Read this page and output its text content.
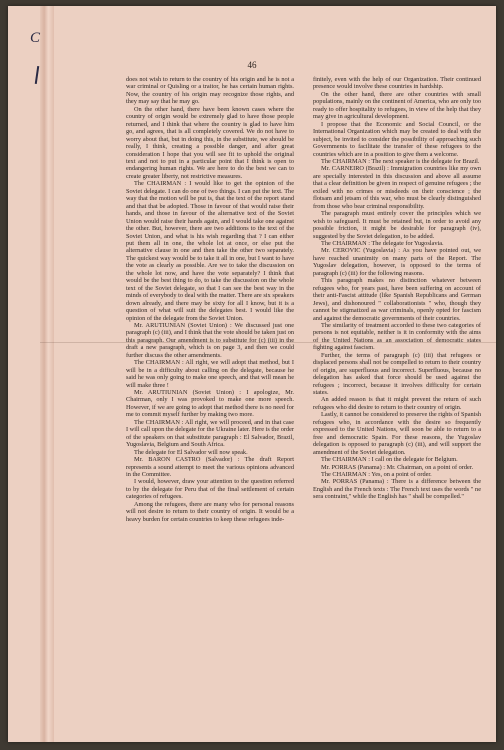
C
46

does not wish to return to the country of his origin and he is not a war criminal or Quisling or a traitor, he has certain human rights. Now, the country of his origin may recognize those rights, and they may say that he may go.

On the other hand, there have been known cases where the country of origin would be extremely glad to have those people returned, and I think that where the country is glad to have him go, and agrees, that is all completely covered. We do not have to worry about that, but in doing this, in the substitute, we should be really, I think, creating a possible danger, and after great consideration I hope that you will see fit to uphold the original text and not to put in a particular point that I think is open to endangering human rights. We are here to do the best we can to create greater liberty, not restrictive measures.

The CHAIRMAN : I would like to get the opinion of the Soviet delegate. I can do one of two things. I can put the text. The way that the motion will be put is, that the text of the report stand and that that be adopted. Those in favour of that would raise their hands, and those in favour of the alternative text of the Soviet Union would raise their hands again, and I would take one against the other. But, however, there are two additions to the text of the Soviet Union, and what is his wish regarding that ? I can either put them all in one, the whole lot at once, or else put the alternative clause in one and then take the other two separately. The quickest way would be to take it all in one, but I want to have the vote as clearly as possible. Are we to take the discussion on the whole lot now, and have the vote separately? I think that would be the best thing to do, to take the discussion on the whole text of the Soviet delegate, so that I can see the best way in the minds of everybody to deal with the matter. There are six speakers down already, and there may be sixty for all I know, but it is a question of what will suit the delegates best. I would like the opinion of the delegate from the Soviet Union.

Mr. ARUTIUNIAN (Soviet Union) : We discussed just one paragraph (c) (iii), and I think that the vote should be taken just on this paragraph. Our amendment is to substitute for (c) (iii) in the draft a new paragraph, which is on page 3, and then we could further discuss the other amendments.

The CHAIRMAN : All right, we will adopt that method, but I will be in a difficulty about calling on the delegate, because he said he was only going to make one speech, and that will mean he will make three !

Mr. ARUTIUNIAN (Soviet Union) : I apologize, Mr. Chairman, only I was provoked to make one more speech. However, if we are going to adopt that method there is no need for me to commit myself further by making two more.

The CHAIRMAN : All right, we will proceed, and in that case I will call upon the delegate for the Ukraine later. Here is the order of the speakers on that substitute paragraph : El Salvador, Brazil, Yugoslavia, Belgium and South Africa.

The delegate for El Salvador will now speak.

Mr. BARON CASTRO (Salvador) : The draft Report represents a sound attempt to meet the various opinions advanced in the Committee.

I would, however, draw your attention to the question referred to by the delegate for Peru that of the final settlement of certain categories of refugees.

Among the refugees, there are many who for personal reasons will not desire to return to their country of origin. It would be a heavy burden for certain countries to keep these refugees inde-

finitely, even with the help of our Organization. Their continued presence would involve these countries in hardship.

On the other hand, there are other countries with small populations, mainly on the continent of America, who are only too ready to offer hospitality to refugees, in view of the help that they may give in agricultural development.

I propose that the Economic and Social Council, or the International Organization which may be created to deal with the subject, be invited to consider the possibility of approaching such Governments to facilitate the transfer of these refugees to the countries which are in a position to give them a welcome.

The CHAIRMAN : The next speaker is the delegate for Brazil.

Mr. CARNEIRO (Brazil) : Immigration countries like my own are specially interested in this discussion and above all assume that a clear definition be given in respect of genuine refugees ; the exiled with no crimes or misdeeds on their conscience ; the flotsam and jetsam of this war, who must be clearly distinguished from those who bear criminal responsibility.

The paragraph must entirely cover the principles which we wish to safeguard. It must be retained but, in order to avoid any possible friction, it might be desirable for paragraph (iv), suggested by the Soviet delegation, to be added.

The CHAIRMAN : The delegate for Yugoslavia.

Mr. CEROVIC (Yugoslavia) : As you have pointed out, we have reached unanimity on many parts of the Report. The Yugoslav delegation, however, is opposed to the terms of paragraph (c) (iii) for the following reasons.

This paragraph makes no distinction whatever between refugees who, for years past, have been suffering on account of their anti-Fascist attitude (like Spanish Republicans and German Jews), and dishonoured " collaborationists " who, though they cannot be stigmatized as war criminals, openly opted for fascism and against the democratic governments of their countries.

The similarity of treatment accorded to these two categories of persons is not equitable, neither is it in conformity with the aims of the United Nations as an association of democratic states fighting against fascism.

Further, the terms of paragraph (c) (iii) that refugees or displaced persons shall not be compelled to return to their country of origin, are superfluous and incorrect. Superfluous, because no delegation has asked that force should be used against the refugees ; incorrect, because it involves difficulty for certain states.

An added reason is that it might prevent the return of such refugees who did desire to return to their country of origin.

Lastly, it cannot be considered to preserve the rights of Spanish refugees who, in accordance with the desire so frequently expressed to the United Nations, will soon be able to return to a free and democratic Spain. For these reasons, the Yugoslav delegation is opposed to paragraph (c) (iii), and will support the amendment of the Soviet delegation.

The CHAIRMAN : I call on the delegate for Belgium.

Mr. PORRAS (Panama) : Mr. Chairman, on a point of order.

The CHAIRMAN : Yes, on a point of order.

Mr. PORRAS (Panama) : There is a difference between the English and the French texts : The French text uses the words " ne sera contraint," while the English has " shall be compelled."
